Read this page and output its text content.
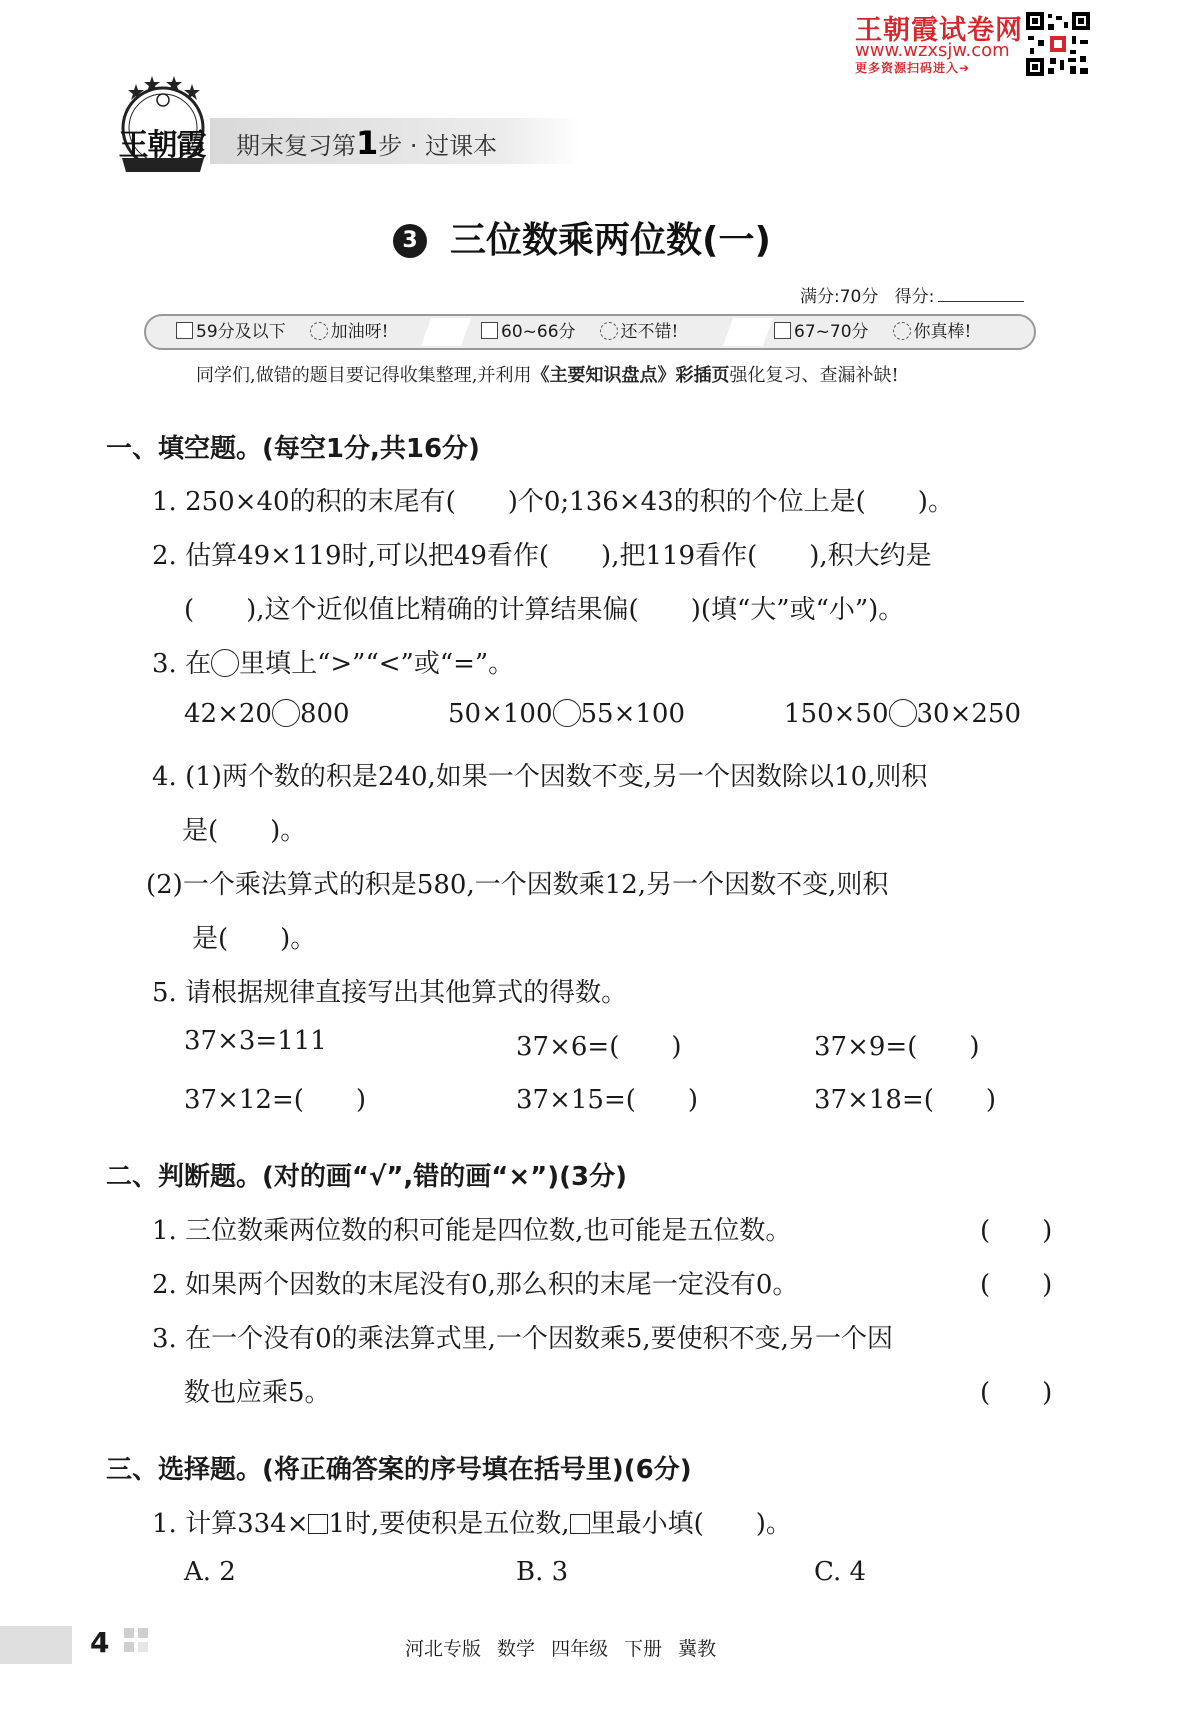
王朝霞试卷网
www.wzxsjw.com
更多资源扫码进入➔
王朝霞 期末复习第1步 · 过课本
3 三位数乘两位数(一)
满分:70分 得分:
59分及以下	加油呀!	60~66分	还不错!	67~70分	你真棒!
同学们,做错的题目要记得收集整理,并利用《主要知识盘点》彩插页强化复习、查漏补缺!
一、填空题。(每空1分,共16分)
1. 250×40的积的末尾有(　　)个0;136×43的积的个位上是(　　)。
2. 估算49×119时,可以把49看作(　　),把119看作(　　),积大约是
(　　),这个近似值比精确的计算结果偏(　　)(填“大”或“小”)。
3. 在 里填上“>”“<”或“=”。
42×20 800	50×100 55×100	150×50 30×250
4. (1)两个数的积是240,如果一个因数不变,另一个因数除以10,则积
是(　　)。
(2)一个乘法算式的积是580,一个因数乘12,另一个因数不变,则积
是(　　)。
5. 请根据规律直接写出其他算式的得数。
37×3=111	37×6=(　　)	37×9=(　　)
37×12=(　　)	37×15=(　　)	37×18=(　　)
二、判断题。(对的画“√”,错的画“×”)(3分)
1. 三位数乘两位数的积可能是四位数,也可能是五位数。	(　　)
2. 如果两个因数的末尾没有0,那么积的末尾一定没有0。	(　　)
3. 在一个没有0的乘法算式里,一个因数乘5,要使积不变,另一个因
数也应乘5。	(　　)
三、选择题。(将正确答案的序号填在括号里)(6分)
1. 计算334× 1时,要使积是五位数, 里最小填(　　)。
A. 2	B. 3	C. 4
4	河北专版 数学 四年级 下册 冀教
